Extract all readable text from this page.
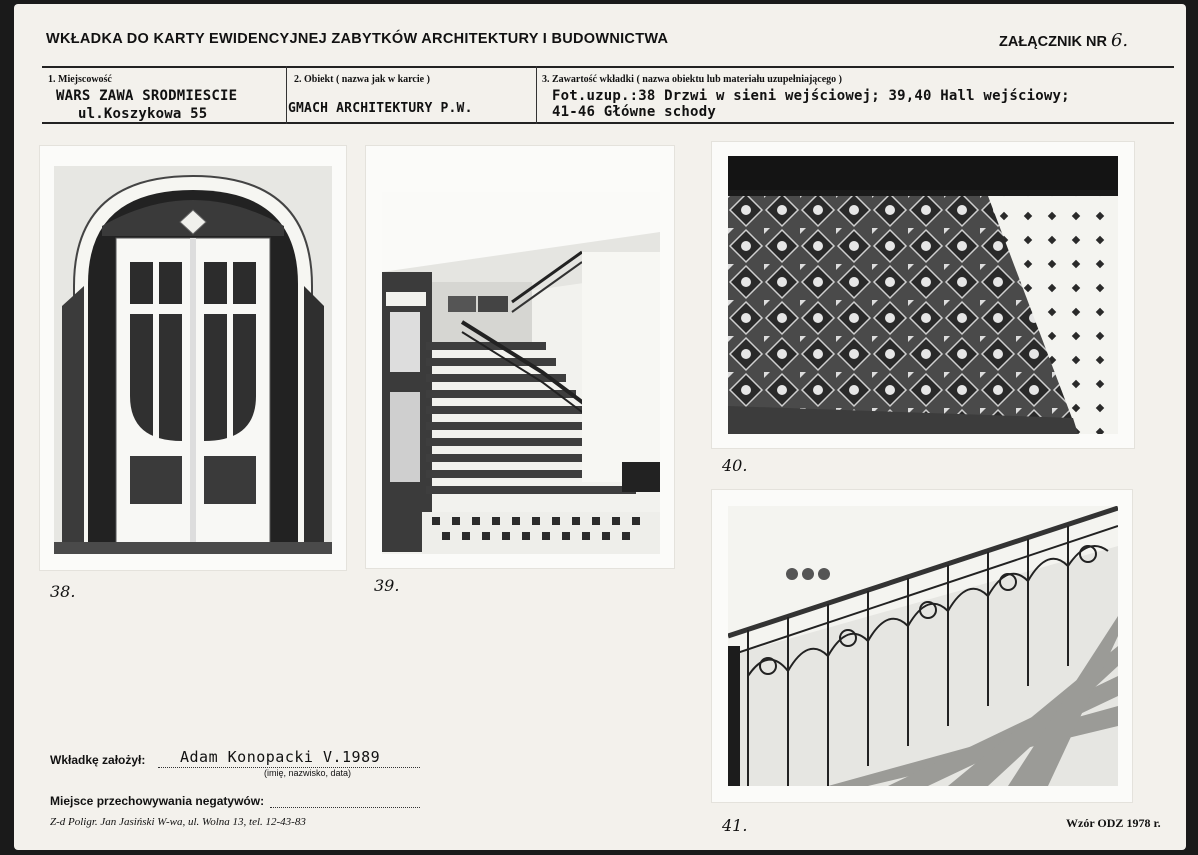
WKŁADKA DO KARTY EWIDENCYJNEJ ZABYTKÓW ARCHITEKTURY I BUDOWNICTWA	ZAŁĄCZNIK NR 6.
1. Miejscowość
WARS ZAWA SRODMIESCIE
ul.Koszykowa 55
2. Obiekt ( nazwa jak w karcie )
GMACH ARCHITEKTURY P.W.
3. Zawartość wkładki ( nazwa obiektu lub materiału uzupełniającego )
Fot.uzup.:38 Drzwi w sieni wejściowej; 39,40 Hall wejściowy;
41-46 Główne schody
38.	39.
40.
41.
Wkładkę założył: Adam Konopacki V.1989
(imię, nazwisko, data)
Miejsce przechowywania negatywów:
Z-d Poligr. Jan Jasiński W-wa, ul. Wolna 13, tel. 12-43-83	Wzór ODZ 1978 r.
